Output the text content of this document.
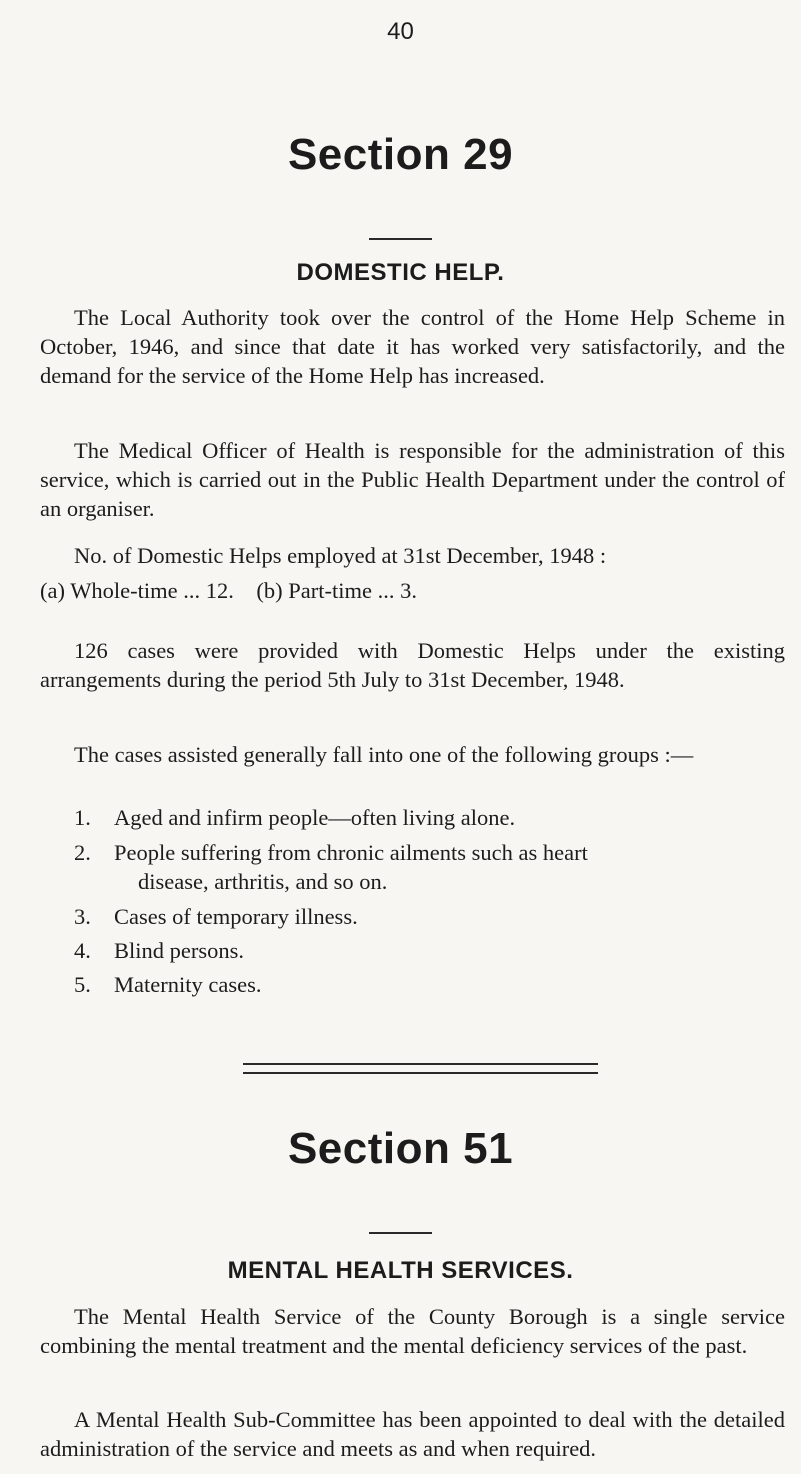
40
Section 29
DOMESTIC HELP.
The Local Authority took over the control of the Home Help Scheme in October, 1946, and since that date it has worked very satisfactorily, and the demand for the service of the Home Help has increased.
The Medical Officer of Health is responsible for the administration of this service, which is carried out in the Public Health Department under the control of an organiser.
No. of Domestic Helps employed at 31st December, 1948 :
(a) Whole-time ... 12.    (b) Part-time ... 3.
126 cases were provided with Domestic Helps under the existing arrangements during the period 5th July to 31st December, 1948.
The cases assisted generally fall into one of the following groups :—
1. Aged and infirm people—often living alone.
2. People suffering from chronic ailments such as heart
disease, arthritis, and so on.
3. Cases of temporary illness.
4. Blind persons.
5. Maternity cases.
Section 51
MENTAL HEALTH SERVICES.
The Mental Health Service of the County Borough is a single service combining the mental treatment and the mental deficiency services of the past.
A Mental Health Sub-Committee has been appointed to deal with the detailed administration of the service and meets as and when required.
